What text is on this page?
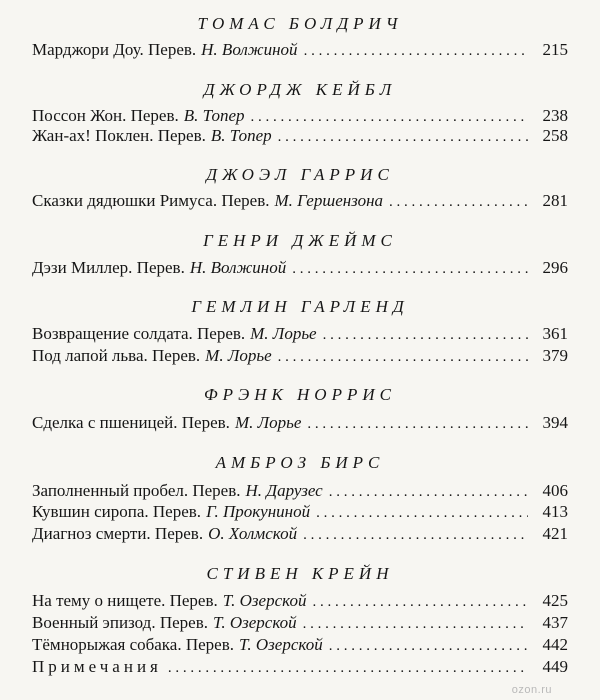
ТОМАС БОЛДРИЧ
Марджори Доу. Перев. Н. Волжиной . . .	215
ДЖОРДЖ КЕЙБЛ
Поссон Жон. Перев. В. Топер . . .	238
Жан-ах! Поклен. Перев. В. Топер . . .	258
ДЖОЭЛ ГАРРИС
Сказки дядюшки Римуса. Перев. М. Гершензона . . .	281
ГЕНРИ ДЖЕЙМС
Дэзи Миллер. Перев. Н. Волжиной . . .	296
ГЕМЛИН ГАРЛЕНД
Возвращение солдата. Перев. М. Лорье . . .	361
Под лапой льва. Перев. М. Лорье . . .	379
ФРЭНК НОРРИС
Сделка с пшеницей. Перев. М. Лорье . . .	394
АМБРОЗ БИРС
Заполненный пробел. Перев. Н. Дарузес . . .	406
Кувшин сиропа. Перев. Г. Прокуниной . . .	413
Диагноз смерти. Перев. О. Холмской . . .	421
СТИВЕН КРЕЙН
На тему о нищете. Перев. Т. Озерской . . .	425
Военный эпизод. Перев. Т. Озерской . . .	437
Тёмнорыжая собака. Перев. Т. Озерской . . .	442
Примечания . . .	449
ozon.ru
